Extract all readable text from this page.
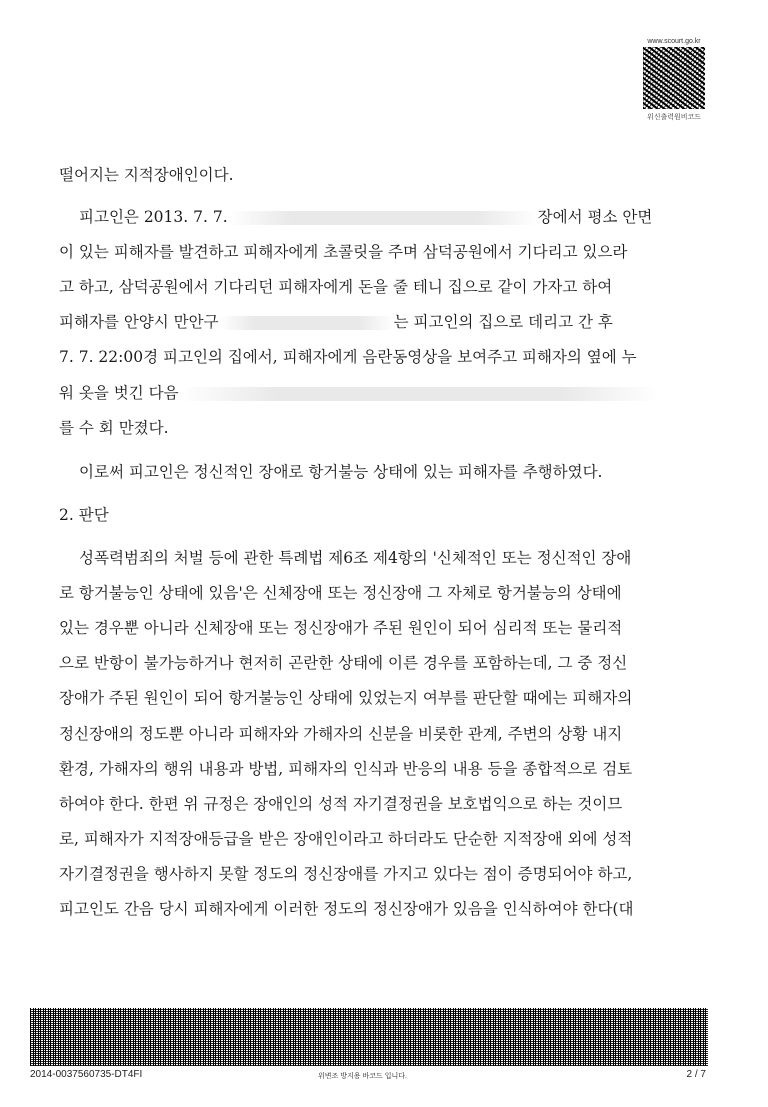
www.scourt.go.kr
위신출력원비코드
떨어지는 지적장애인이다.
피고인은 2013. 7. 7.	장에서 평소 안면
이 있는 피해자를 발견하고 피해자에게 초콜릿을 주며 삼덕공원에서 기다리고 있으라
고 하고, 삼덕공원에서 기다리던 피해자에게 돈을 줄 테니 집으로 같이 가자고 하여
피해자를 안양시 만안구	는 피고인의 집으로 데리고 간 후
7. 7. 22:00경 피고인의 집에서, 피해자에게 음란동영상을 보여주고 피해자의 옆에 누
워 옷을 벗긴 다음
를 수 회 만졌다.
이로써 피고인은 정신적인 장애로 항거불능 상태에 있는 피해자를 추행하였다.
2. 판단
성폭력범죄의 처벌 등에 관한 특례법 제6조 제4항의 '신체적인 또는 정신적인 장애
로 항거불능인 상태에 있음'은 신체장애 또는 정신장애 그 자체로 항거불능의 상태에
있는 경우뿐 아니라 신체장애 또는 정신장애가 주된 원인이 되어 심리적 또는 물리적
으로 반항이 불가능하거나 현저히 곤란한 상태에 이른 경우를 포함하는데, 그 중 정신
장애가 주된 원인이 되어 항거불능인 상태에 있었는지 여부를 판단할 때에는 피해자의
정신장애의 정도뿐 아니라 피해자와 가해자의 신분을 비롯한 관계, 주변의 상황 내지
환경, 가해자의 행위 내용과 방법, 피해자의 인식과 반응의 내용 등을 종합적으로 검토
하여야 한다. 한편 위 규정은 장애인의 성적 자기결정권을 보호법익으로 하는 것이므
로, 피해자가 지적장애등급을 받은 장애인이라고 하더라도 단순한 지적장애 외에 성적
자기결정권을 행사하지 못할 정도의 정신장애를 가지고 있다는 점이 증명되어야 하고,
피고인도 간음 당시 피해자에게 이러한 정도의 정신장애가 있음을 인식하여야 한다(대
2014-0037560735-DT4FI	위변조 방지용 바코드 입니다.	2 / 7
